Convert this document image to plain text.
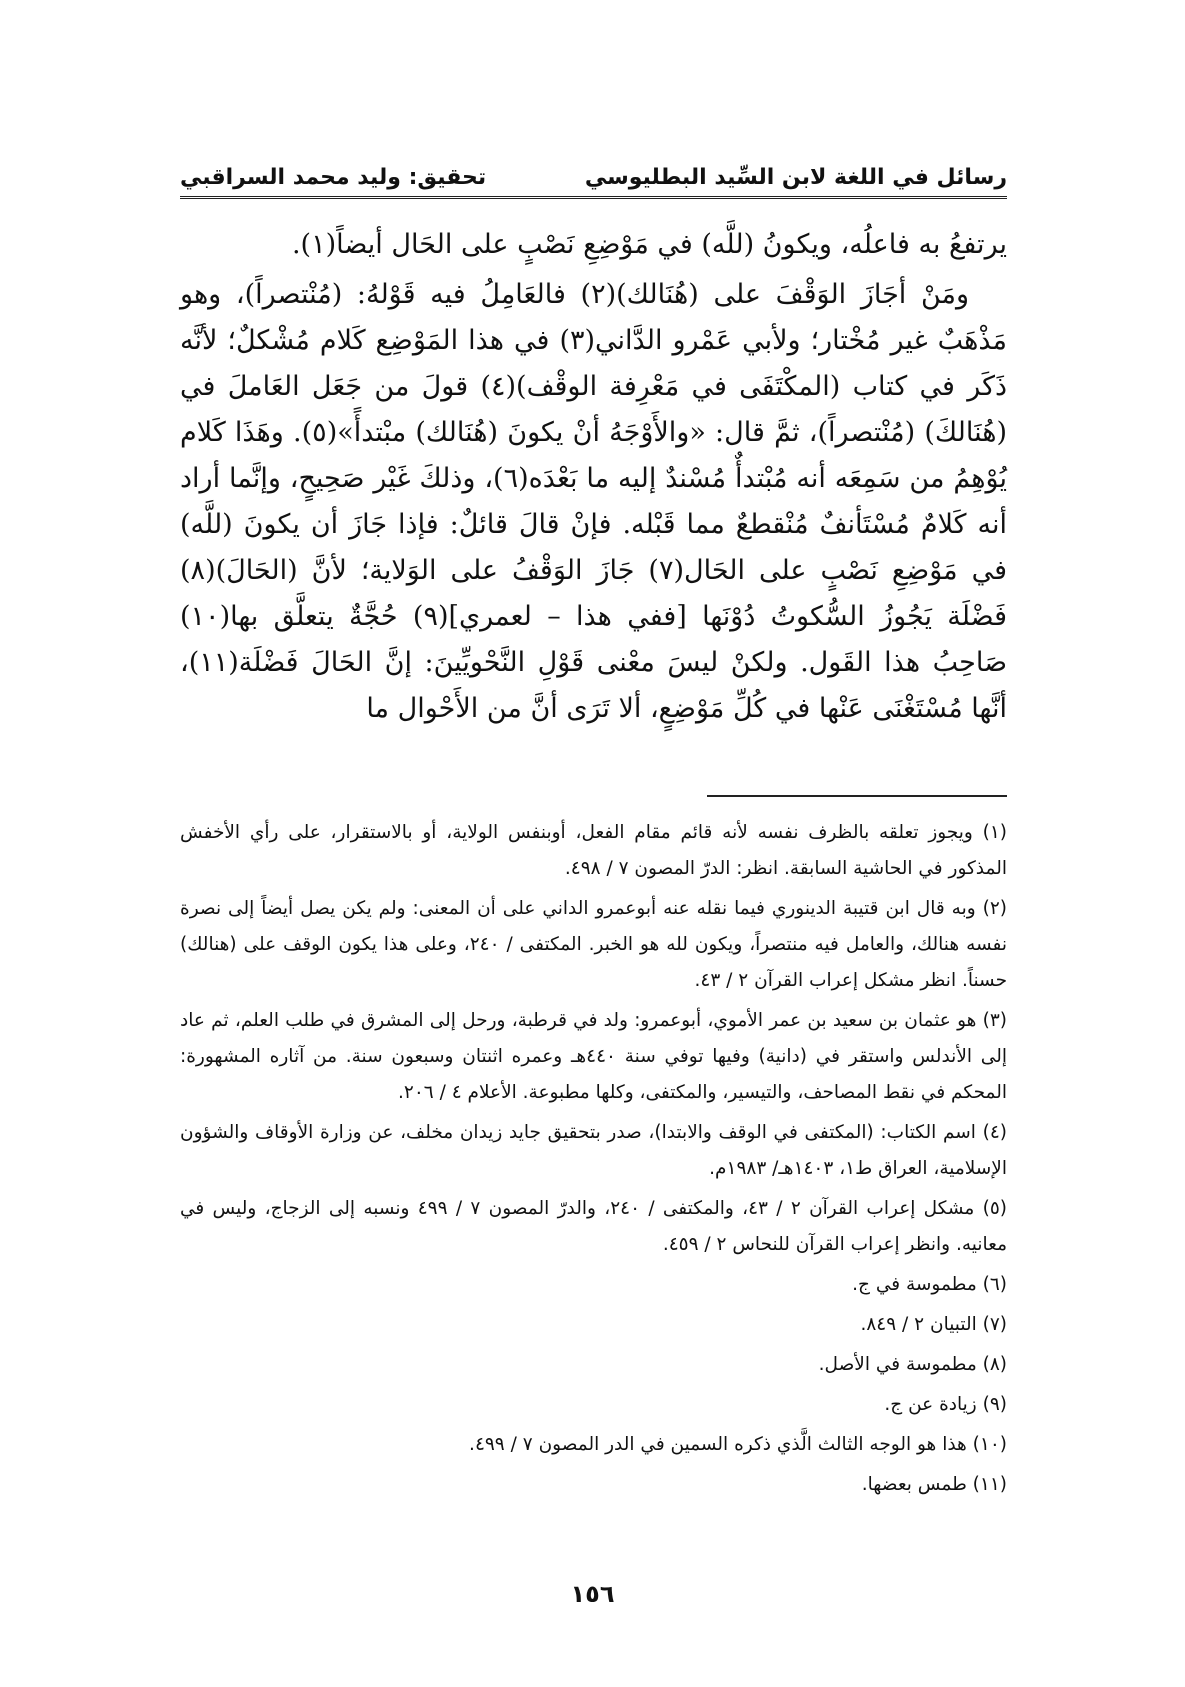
رسائل في اللغة لابن السِّيد البطليوسي
تحقيق: وليد محمد السراقبي

يرتفعُ به فاعلُه، ويكونُ (للَّه) في مَوْضِعِ نَصْبٍ على الحَال أيضاً(١).

ومَنْ أجَازَ الوَقْفَ على (هُنَالك)(٢) فالعَامِلُ فيه قَوْلهُ: (مُنْتصراً)، وهو مَذْهَبٌ غير مُخْتار؛ ولأبي عَمْرو الدَّاني(٣) في هذا المَوْضِع كَلام مُشْكلٌ؛ لأنَّه ذَكَر في كتاب (المكْتَفَى في مَعْرِفة الوقْف)(٤) قولَ من جَعَل العَاملَ في (هُنَالكَ) (مُنْتصراً)، ثمَّ قال: «والأَوْجَهُ أنْ يكونَ (هُنَالك) مبْتدأً»(٥). وهَذَا كَلام يُوْهِمُ من سَمِعَه أنه مُبْتدأٌ مُسْندٌ إليه ما بَعْدَه(٦)، وذلكَ غَيْر صَحِيحٍ، وإنَّما أراد أنه كَلامٌ مُسْتَأنفٌ مُنْقطعٌ مما قَبْله. فإنْ قالَ قائلٌ: فإذا جَازَ أن يكونَ (للَّه) في مَوْضِعِ نَصْبٍ على الحَال(٧) جَازَ الوَقْفُ على الوَلاية؛ لأنَّ (الحَالَ)(٨) فَضْلَة يَجُوزُ السُّكوتُ دُوْنَها [ففي هذا – لعمري](٩) حُجَّةٌ يتعلَّق بها(١٠) صَاحِبُ هذا القَول. ولكنْ ليسَ معْنى قَوْلِ النَّحْويِّينَ: إنَّ الحَالَ فَضْلَة(١١)، أنَّها مُسْتَغْنَى عَنْها في كُلِّ مَوْضِعٍ، ألا تَرَى أنَّ من الأَحْوال ما

(١) ويجوز تعلقه بالظرف نفسه لأنه قائم مقام الفعل، أوبنفس الولاية، أو بالاستقرار، على رأي الأخفش المذكور في الحاشية السابقة. انظر: الدرّ المصون ٧ / ٤٩٨.

(٢) وبه قال ابن قتيبة الدينوري فيما نقله عنه أبوعمرو الداني على أن المعنى: ولم يكن يصل أيضاً إلى نصرة نفسه هنالك، والعامل فيه منتصراً، ويكون لله هو الخبر. المكتفى / ٢٤٠، وعلى هذا يكون الوقف على (هنالك) حسناً. انظر مشكل إعراب القرآن ٢ / ٤٣.

(٣) هو عثمان بن سعيد بن عمر الأموي، أبوعمرو: ولد في قرطبة، ورحل إلى المشرق في طلب العلم، ثم عاد إلى الأندلس واستقر في (دانية) وفيها توفي سنة ٤٤٠هـ وعمره اثنتان وسبعون سنة. من آثاره المشهورة: المحكم في نقط المصاحف، والتيسير، والمكتفى، وكلها مطبوعة. الأعلام ٤ / ٢٠٦.

(٤) اسم الكتاب: (المكتفى في الوقف والابتدا)، صدر بتحقيق جايد زيدان مخلف، عن وزارة الأوقاف والشؤون الإسلامية، العراق ط١، ١٤٠٣هـ/ ١٩٨٣م.

(٥) مشكل إعراب القرآن ٢ / ٤٣، والمكتفى / ٢٤٠، والدرّ المصون ٧ / ٤٩٩ ونسبه إلى الزجاج، وليس في معانيه. وانظر إعراب القرآن للنحاس ٢ / ٤٥٩.

(٦) مطموسة في ج.

(٧) التبيان ٢ / ٨٤٩.

(٨) مطموسة في الأصل.

(٩) زيادة عن ج.

(١٠) هذا هو الوجه الثالث الَّذي ذكره السمين في الدر المصون ٧ / ٤٩٩.

(١١) طمس بعضها.

١٥٦
